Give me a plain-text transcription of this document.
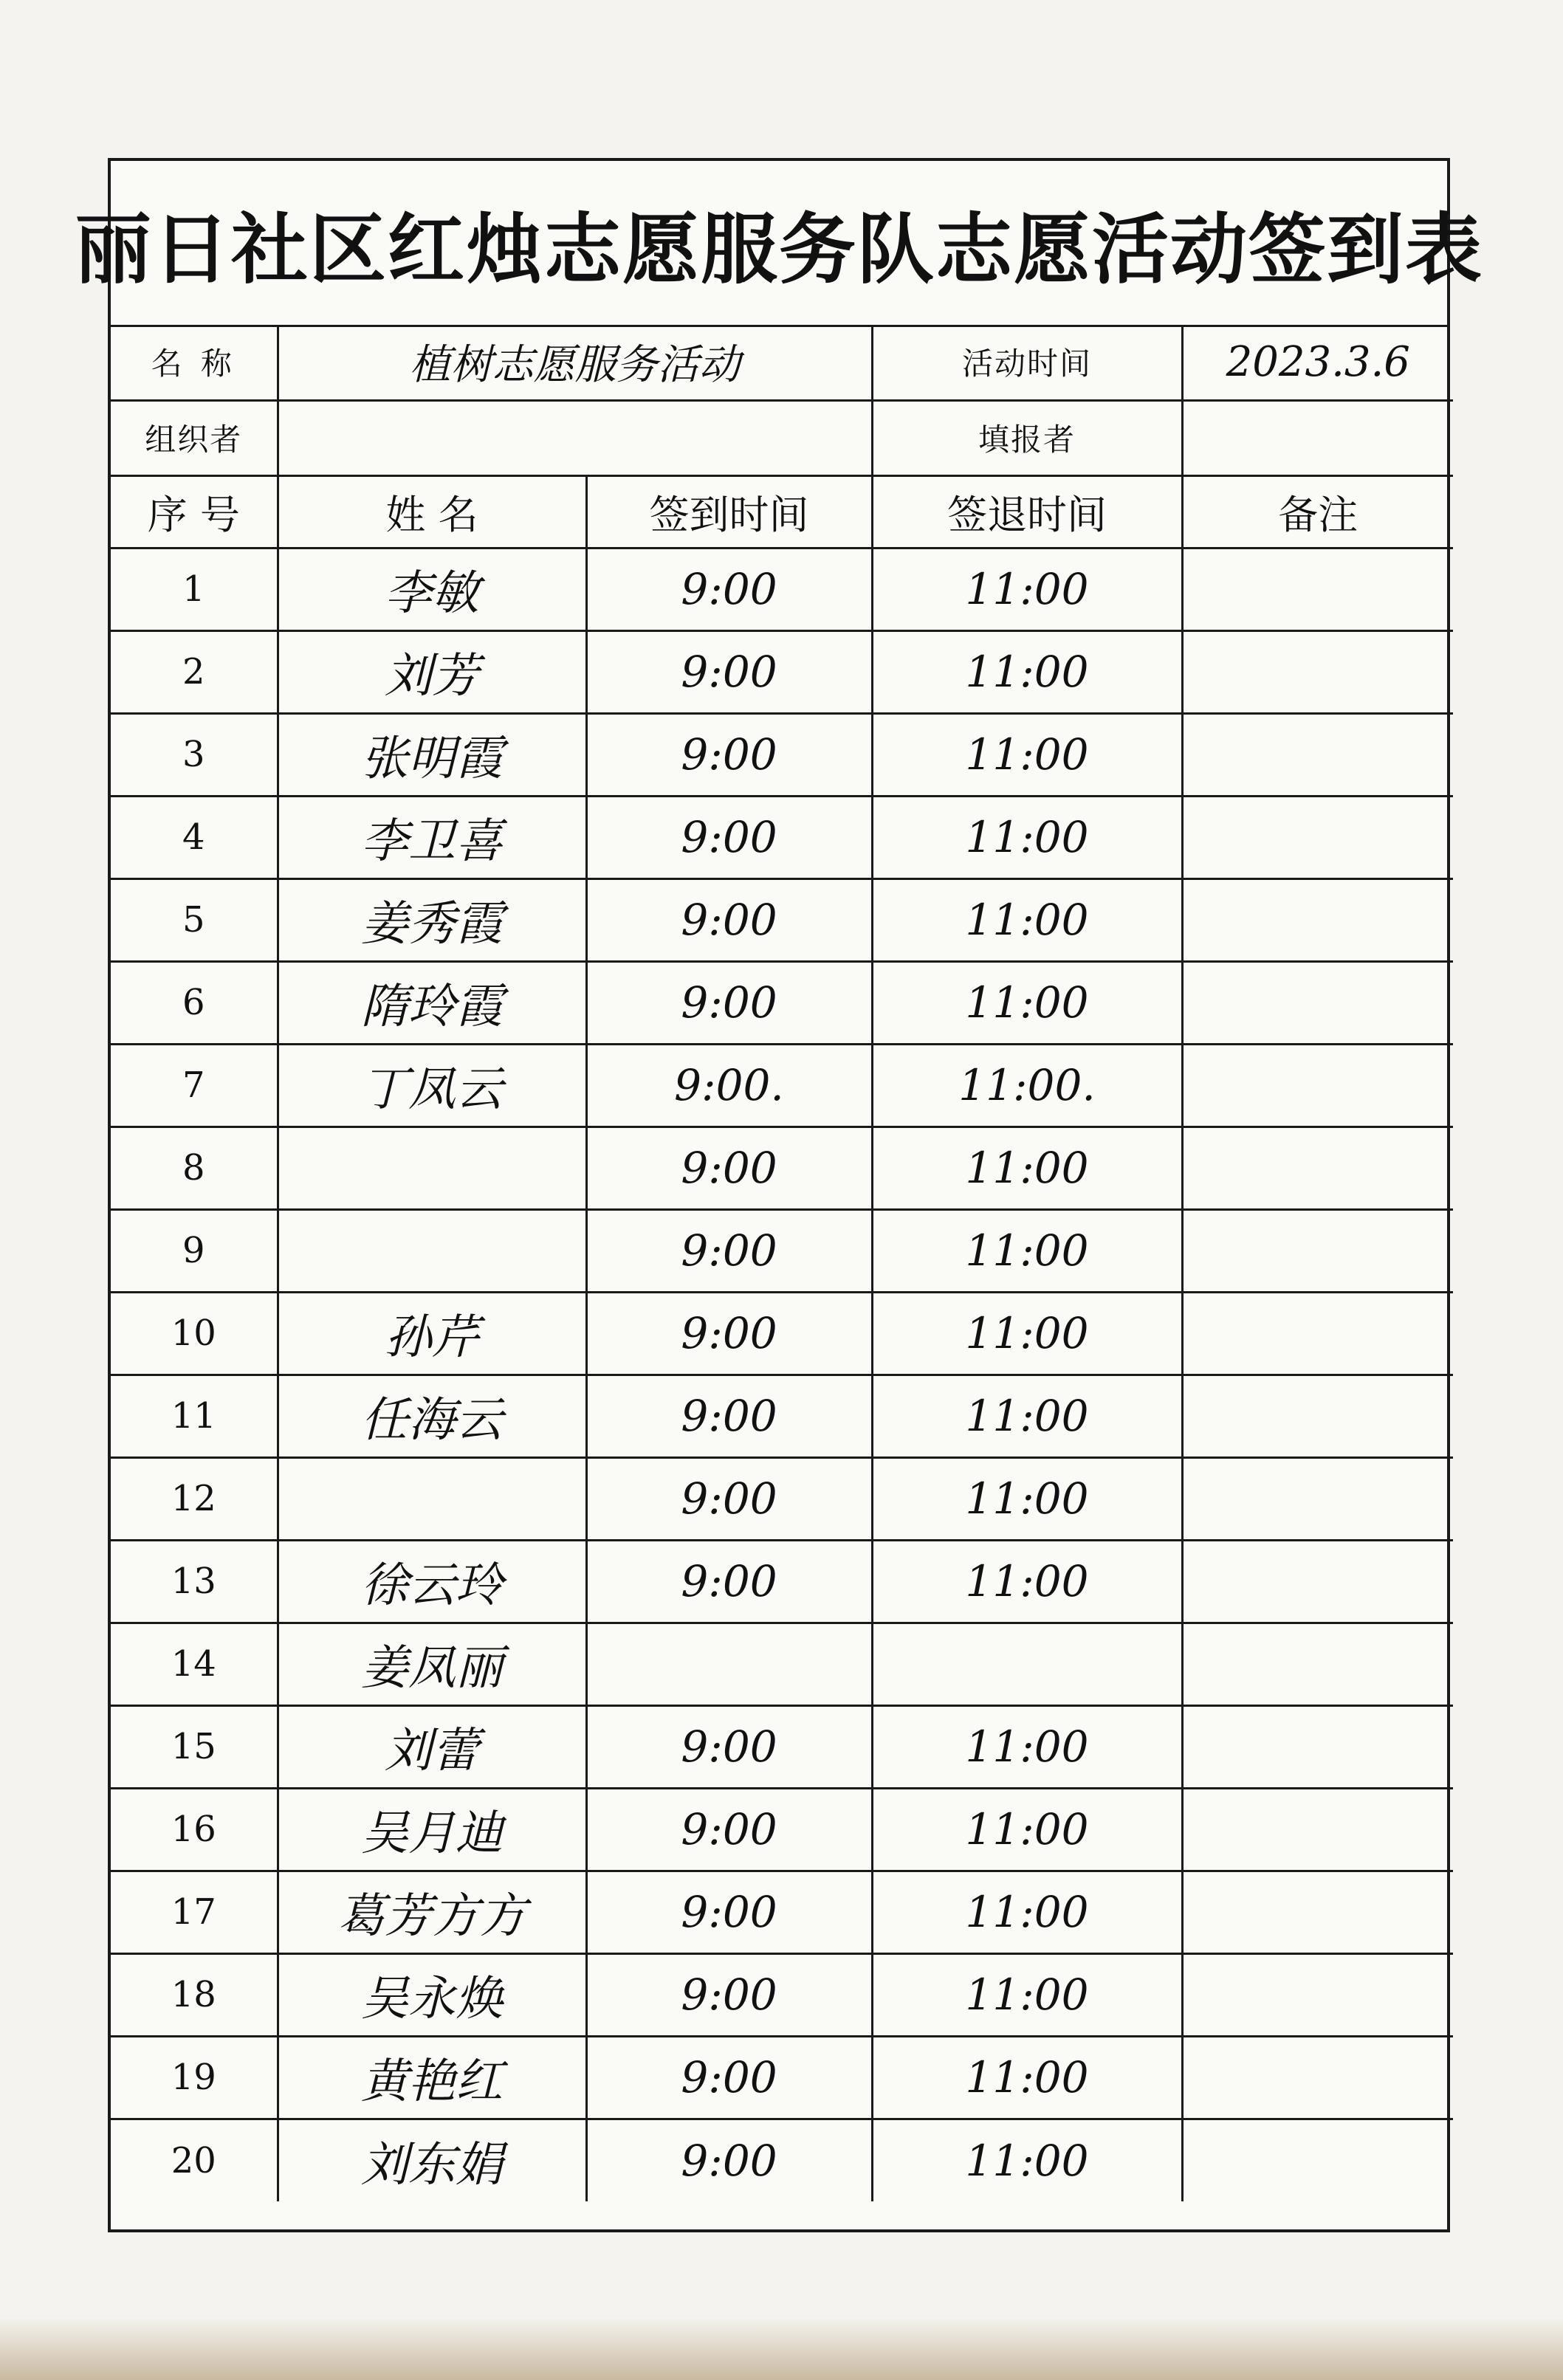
丽日社区红烛志愿服务队志愿活动签到表
名 称	植树志愿服务活动		活动时间	2023.3.6
组织者			填报者	
序 号	姓 名	签到时间	签退时间	备注
1	李敏	9:00	11:00	
2	刘芳	9:00	11:00	
3	张明霞	9:00	11:00	
4	李卫喜	9:00	11:00	
5	姜秀霞	9:00	11:00	
6	隋玲霞	9:00	11:00	
7	丁凤云	9:00.	11:00.	
8		9:00	11:00	
9		9:00	11:00	
10	孙芹	9:00	11:00	
11	任海云	9:00	11:00	
12		9:00	11:00	
13	徐云玲	9:00	11:00	
14	姜凤丽			
15	刘蕾	9:00	11:00	
16	吴月迪	9:00	11:00	
17	葛芳方方	9:00	11:00	
18	吴永焕	9:00	11:00	
19	黄艳红	9:00	11:00	
20	刘东娟	9:00	11:00	
